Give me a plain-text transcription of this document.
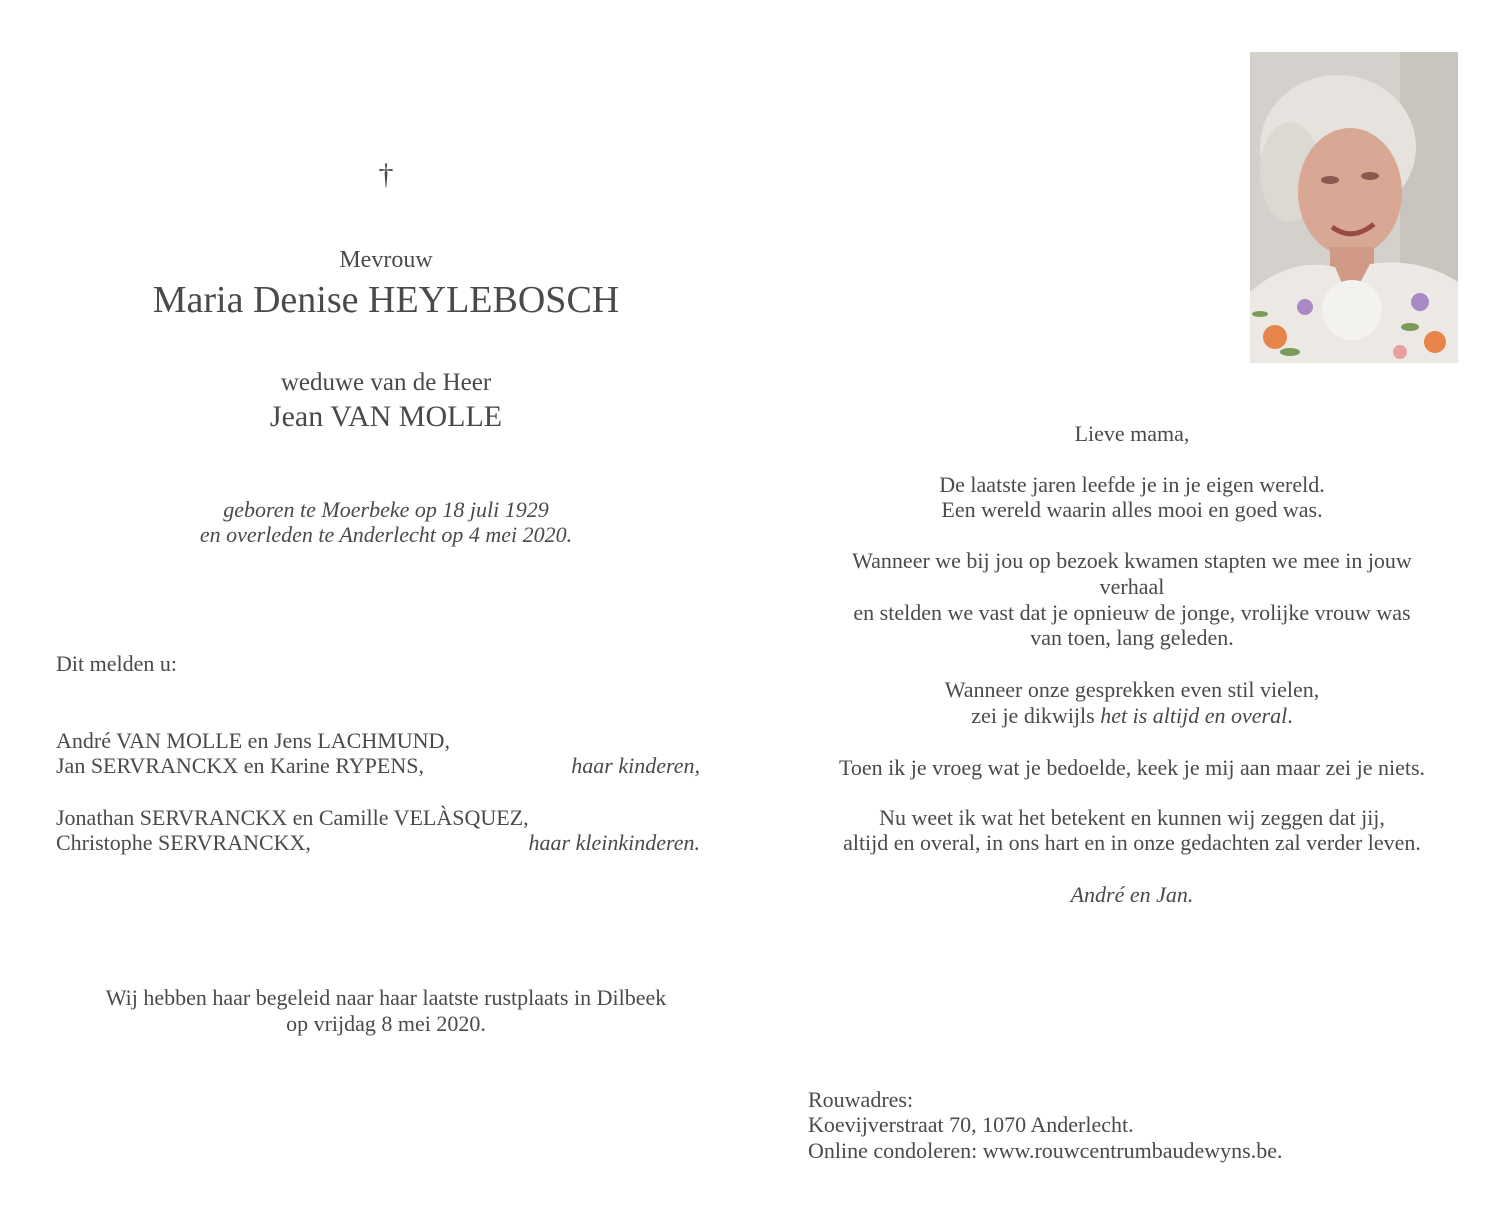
†
Mevrouw
Maria Denise HEYLEBOSCH
weduwe van de Heer
Jean VAN MOLLE
geboren te Moerbeke op 18 juli 1929
en overleden te Anderlecht op 4 mei 2020.
Dit melden u:
André VAN MOLLE en Jens LACHMUND,
Jan SERVRANCKX en Karine RYPENS,	haar kinderen,
Jonathan SERVRANCKX en Camille VELÀSQUEZ,
Christophe SERVRANCKX,	haar kleinkinderen.
Wij hebben haar begeleid naar haar laatste rustplaats in Dilbeek
op vrijdag 8 mei 2020.
Lieve mama,
De laatste jaren leefde je in je eigen wereld.
Een wereld waarin alles mooi en goed was.
Wanneer we bij jou op bezoek kwamen stapten we mee in jouw
verhaal
en stelden we vast dat je opnieuw de jonge, vrolijke vrouw was
van toen, lang geleden.
Wanneer onze gesprekken even stil vielen,
zei je dikwijls het is altijd en overal.
Toen ik je vroeg wat je bedoelde, keek je mij aan maar zei je niets.
Nu weet ik wat het betekent en kunnen wij zeggen dat jij,
altijd en overal, in ons hart en in onze gedachten zal verder leven.
André en Jan.
Rouwadres:
Koevijverstraat 70, 1070 Anderlecht.
Online condoleren: www.rouwcentrumbaudewyns.be.
